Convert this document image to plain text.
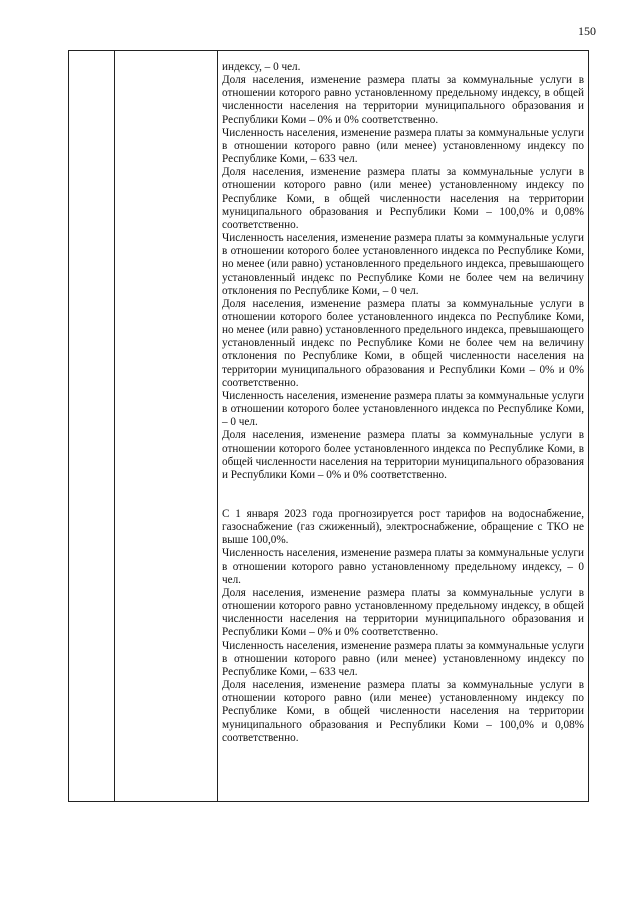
150

индексу, – 0 чел.

Доля населения, изменение размера платы за коммунальные услуги в отношении которого равно установленному предельному индексу, в общей численности населения на территории муниципального образования и Республики Коми – 0% и 0% соответственно.

Численность населения, изменение размера платы за коммунальные услуги в отношении которого равно (или менее) установленному индексу по Республике Коми, – 633 чел.

Доля населения, изменение размера платы за коммунальные услуги в отношении которого равно (или менее) установленному индексу по Республике Коми, в общей численности населения на территории муниципального образования и Республики Коми – 100,0% и 0,08% соответственно.

Численность населения, изменение размера платы за коммунальные услуги в отношении которого более установленного индекса по Республике Коми, но менее (или равно) установленного предельного индекса, превышающего установленный индекс по Республике Коми не более чем на величину отклонения по Республике Коми, – 0 чел.

Доля населения, изменение размера платы за коммунальные услуги в отношении которого более установленного индекса по Республике Коми, но менее (или равно) установленного предельного индекса, превышающего установленный индекс по Республике Коми не более чем на величину отклонения по Республике Коми, в общей численности населения на территории муниципального образования и Республики Коми – 0% и 0% соответственно.

Численность населения, изменение размера платы за коммунальные услуги в отношении которого более установленного индекса по Республике Коми, – 0 чел.

Доля населения, изменение размера платы за коммунальные услуги в отношении которого более установленного индекса по Республике Коми, в общей численности населения на территории муниципального образования и Республики Коми – 0% и 0% соответственно.

С 1 января 2023 года прогнозируется рост тарифов на водоснабжение, газоснабжение (газ сжиженный), электроснабжение, обращение с ТКО не выше 100,0%.

Численность населения, изменение размера платы за коммунальные услуги в отношении которого равно установленному предельному индексу, – 0 чел.

Доля населения, изменение размера платы за коммунальные услуги в отношении которого равно установленному предельному индексу, в общей численности населения на территории муниципального образования и Республики Коми – 0% и 0% соответственно.

Численность населения, изменение размера платы за коммунальные услуги в отношении которого равно (или менее) установленному индексу по Республике Коми, – 633 чел.

Доля населения, изменение размера платы за коммунальные услуги в отношении которого равно (или менее) установленному индексу по Республике Коми, в общей численности населения на территории муниципального образования и Республики Коми – 100,0% и 0,08% соответственно.
